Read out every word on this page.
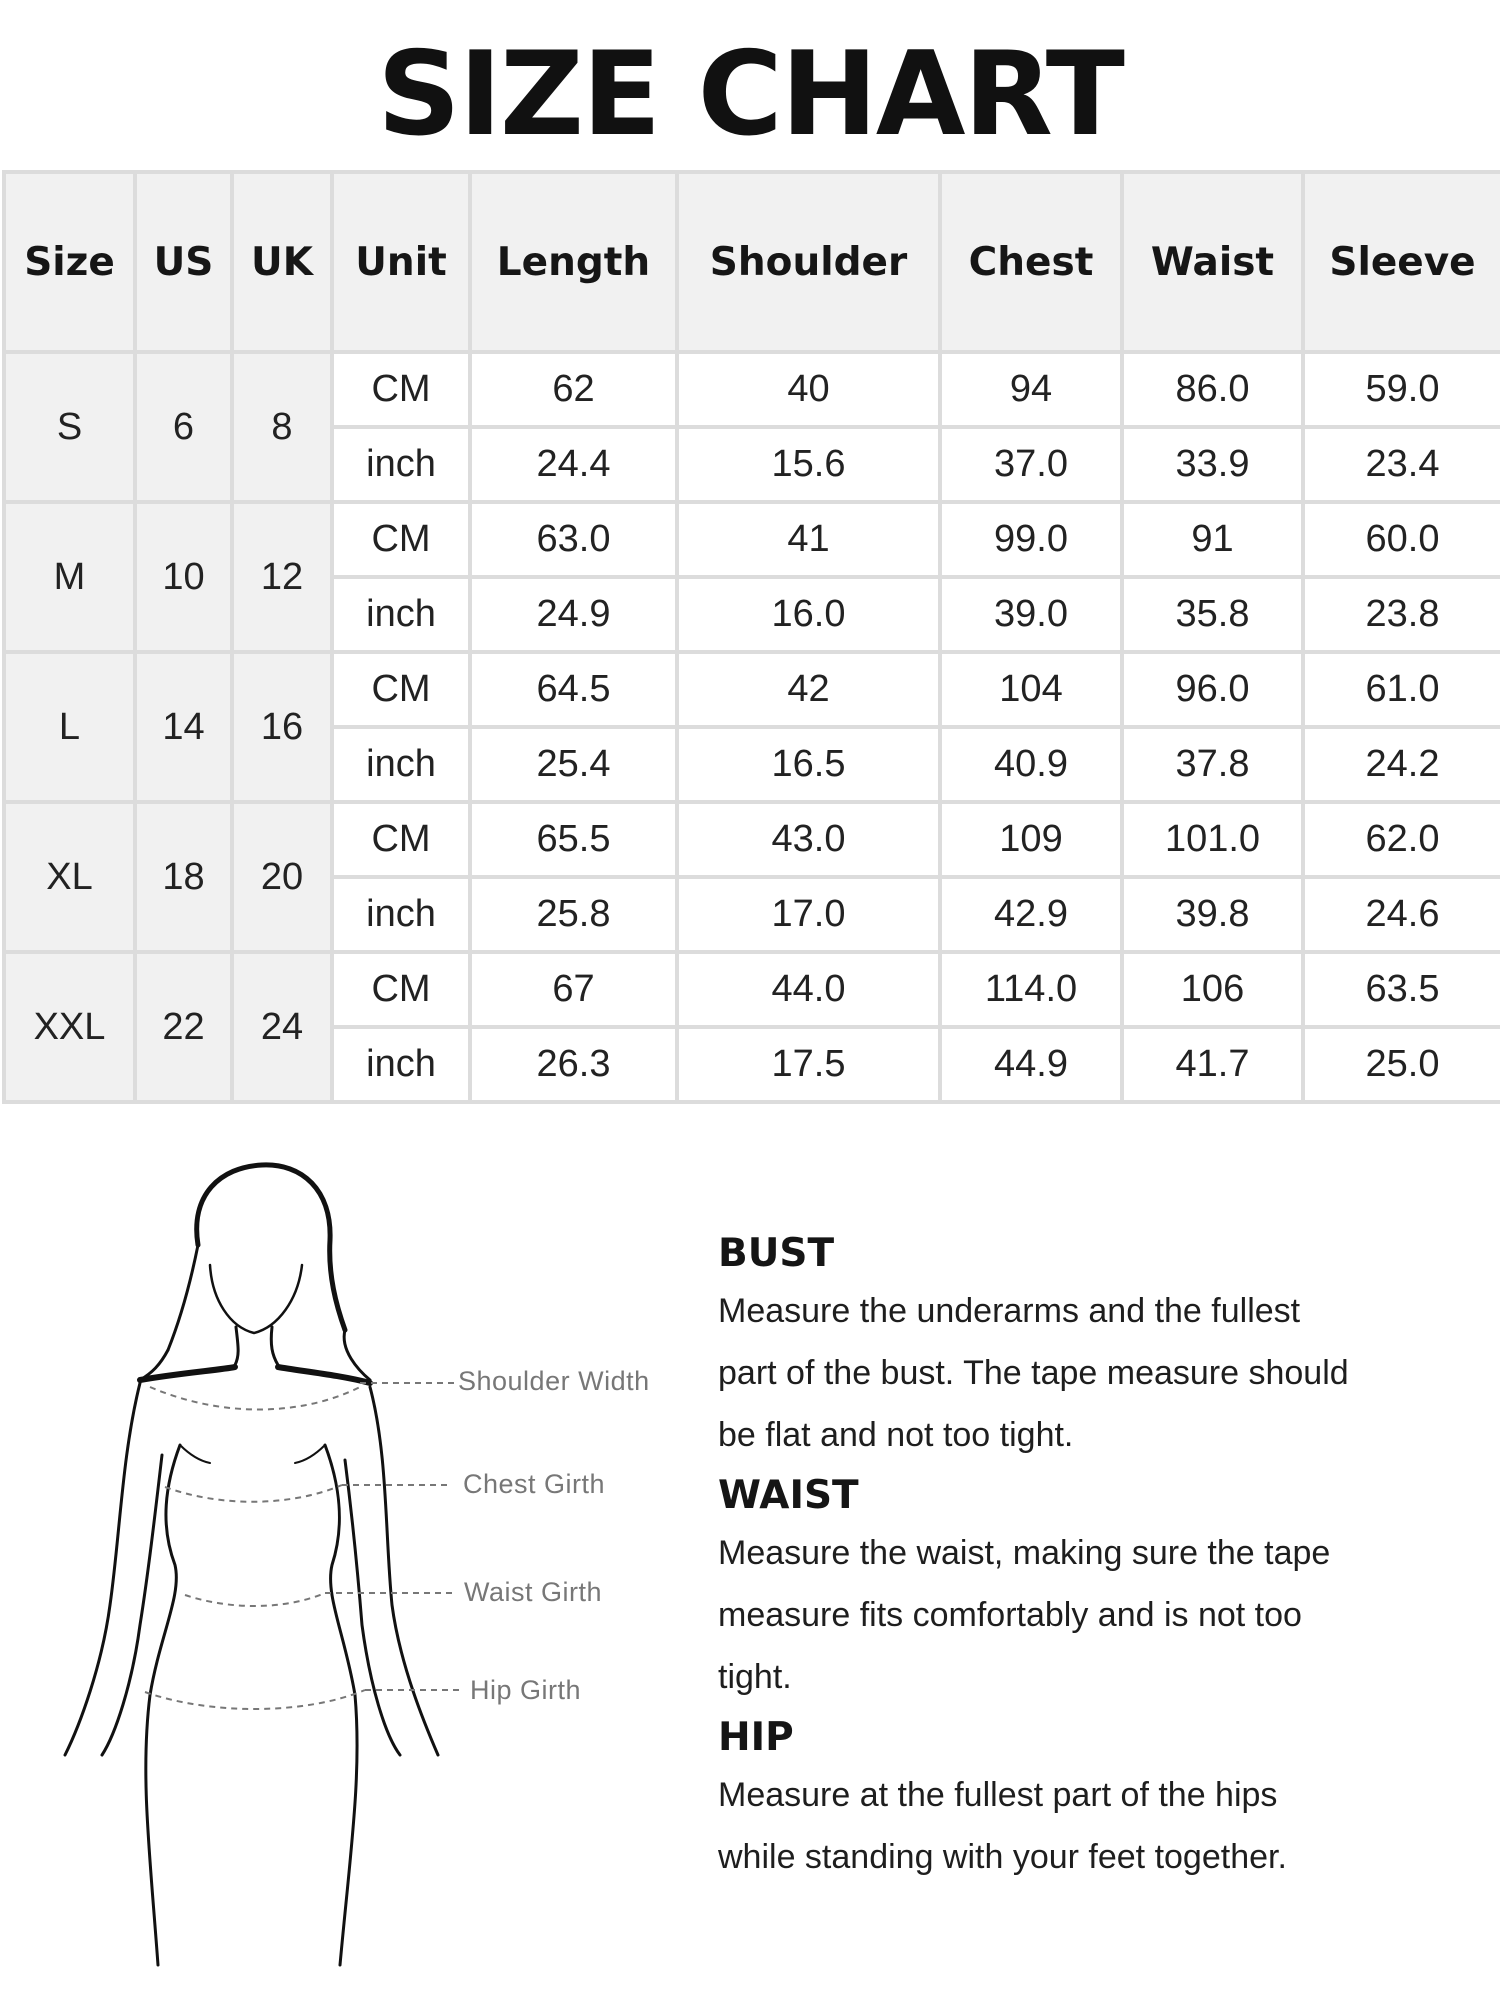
SIZE CHART
Size	US	UK	Unit	Length	Shoulder	Chest	Waist	Sleeve
S	6	8	CM	62	40	94	86.0	59.0
			inch	24.4	15.6	37.0	33.9	23.4
M	10	12	CM	63.0	41	99.0	91	60.0
			inch	24.9	16.0	39.0	35.8	23.8
L	14	16	CM	64.5	42	104	96.0	61.0
			inch	25.4	16.5	40.9	37.8	24.2
XL	18	20	CM	65.5	43.0	109	101.0	62.0
			inch	25.8	17.0	42.9	39.8	24.6
XXL	22	24	CM	67	44.0	114.0	106	63.5
			inch	26.3	17.5	44.9	41.7	25.0
Shoulder Width
Chest Girth
Waist Girth
Hip Girth
BUST

Measure the underarms and the fullest
part of the bust. The tape measure should
be flat and not too tight.

WAIST

Measure the waist, making sure the tape
measure fits comfortably and is not too
tight.

HIP

Measure at the fullest part of the hips
while standing with your feet together.
